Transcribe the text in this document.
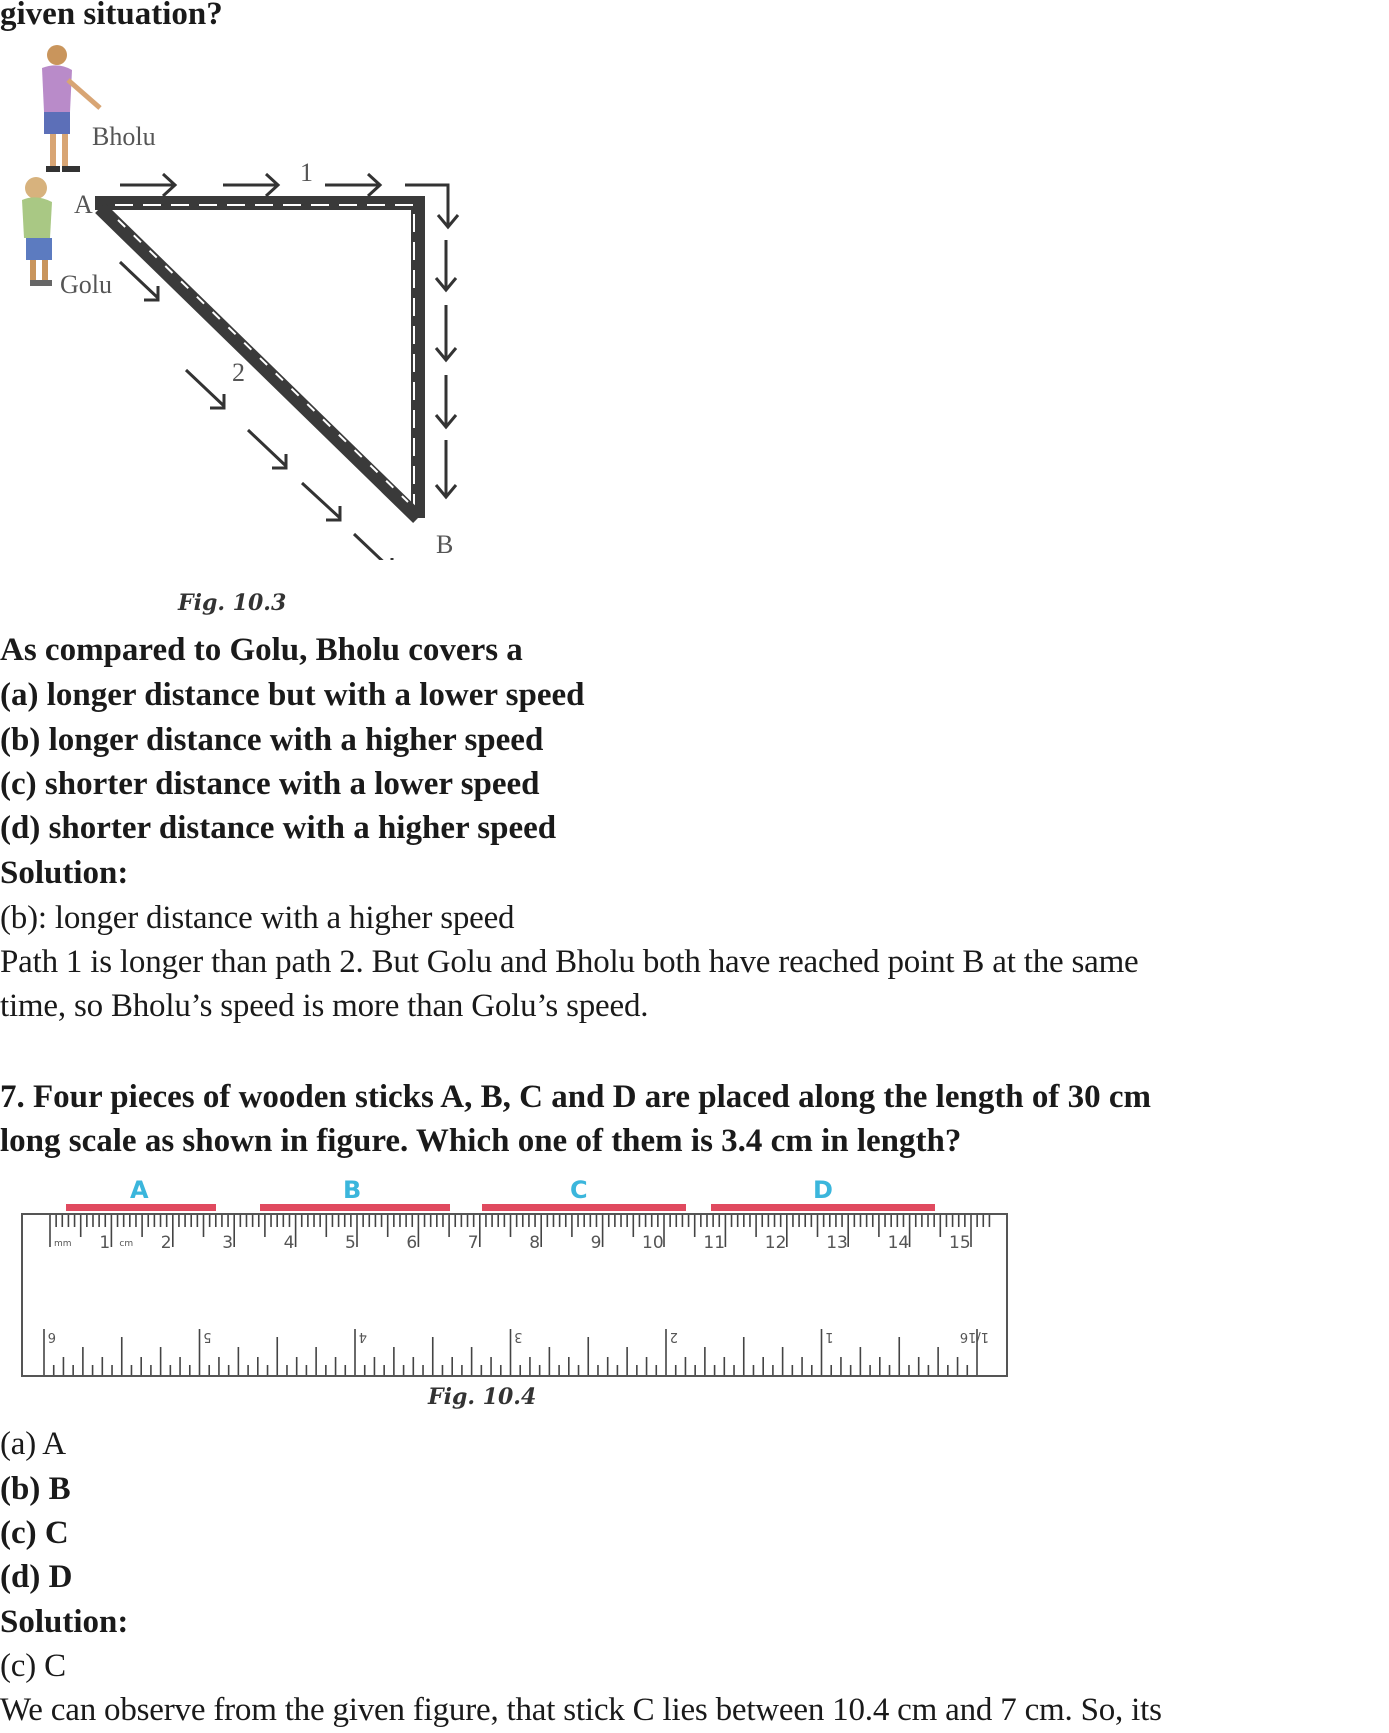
given situation?
Bholu
Golu
A
B
1
2
Fig. 10.3
As compared to Golu, Bholu covers a
(a) longer distance but with a lower speed
(b) longer distance with a higher speed
(c) shorter distance with a lower speed
(d) shorter distance with a higher speed
Solution:
(b): longer distance with a higher speed
Path 1 is longer than path 2. But Golu and Bholu both have reached point B at the same
time, so Bholu’s speed is more than Golu’s speed.
7. Four pieces of wooden sticks A, B, C and D are placed along the length of 30 cm
long scale as shown in figure. Which one of them is 3.4 cm in length?
A	B	C	D
1	2	3	4	5	6	7	8	9 10 11 12 13 14 15
mm	cm
6	5	4	3	2	1	1/16
Fig. 10.4
(a) A
(b) B
(c) C
(d) D
Solution:
(c) C
We can observe from the given figure, that stick C lies between 10.4 cm and 7 cm. So, its
